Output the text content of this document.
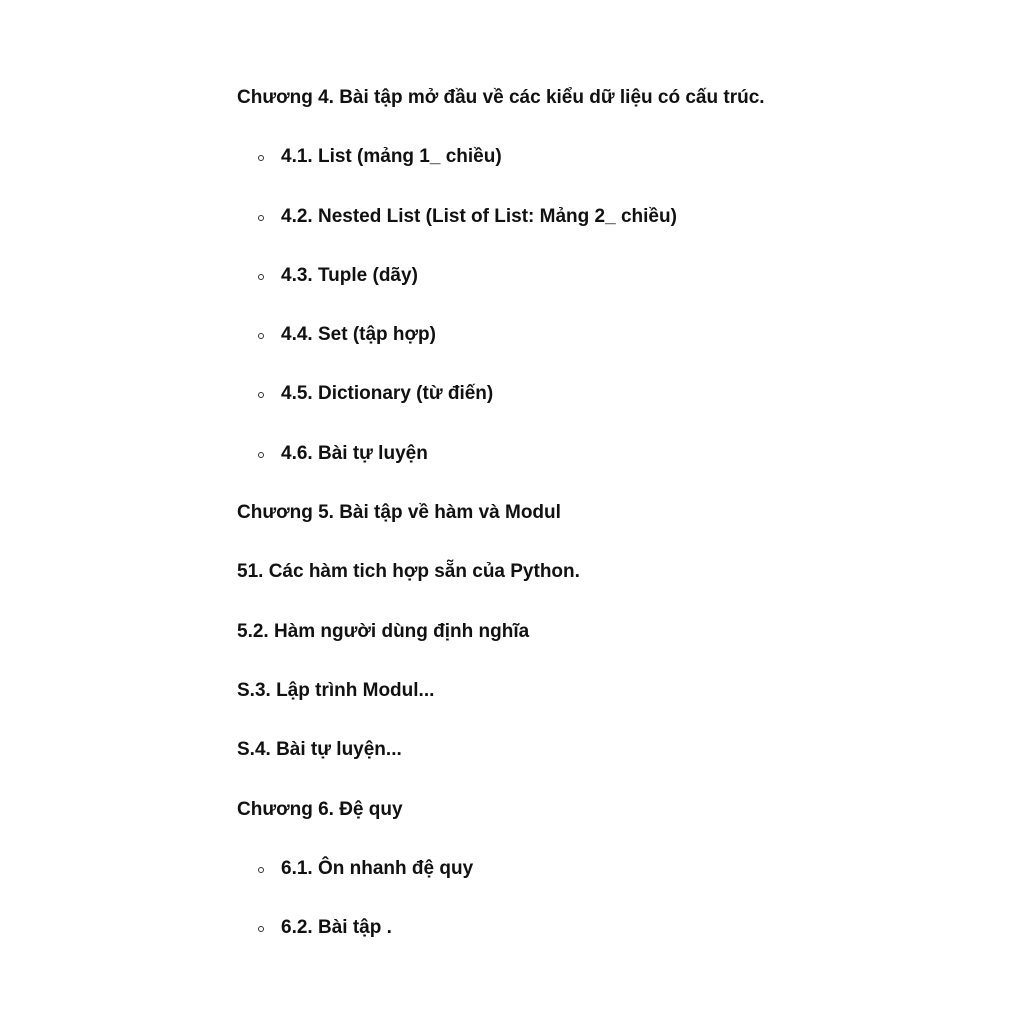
Chương 4. Bài tập mở đầu về các kiểu dữ liệu có cấu trúc.
4.1. List (mảng 1_ chiều)
4.2. Nested List (List of List: Mảng 2_ chiều)
4.3. Tuple (dãy)
4.4. Set (tập hợp)
4.5. Dictionary (từ điến)
4.6. Bài tự luyện
Chương 5. Bài tập về hàm và Modul
51. Các hàm tich hợp sẵn của Python.
5.2. Hàm người dùng định nghĩa
S.3. Lập trình Modul...
S.4. Bài tự luyện...
Chương 6. Đệ quy
6.1. Ôn nhanh đệ quy
6.2. Bài tập .
